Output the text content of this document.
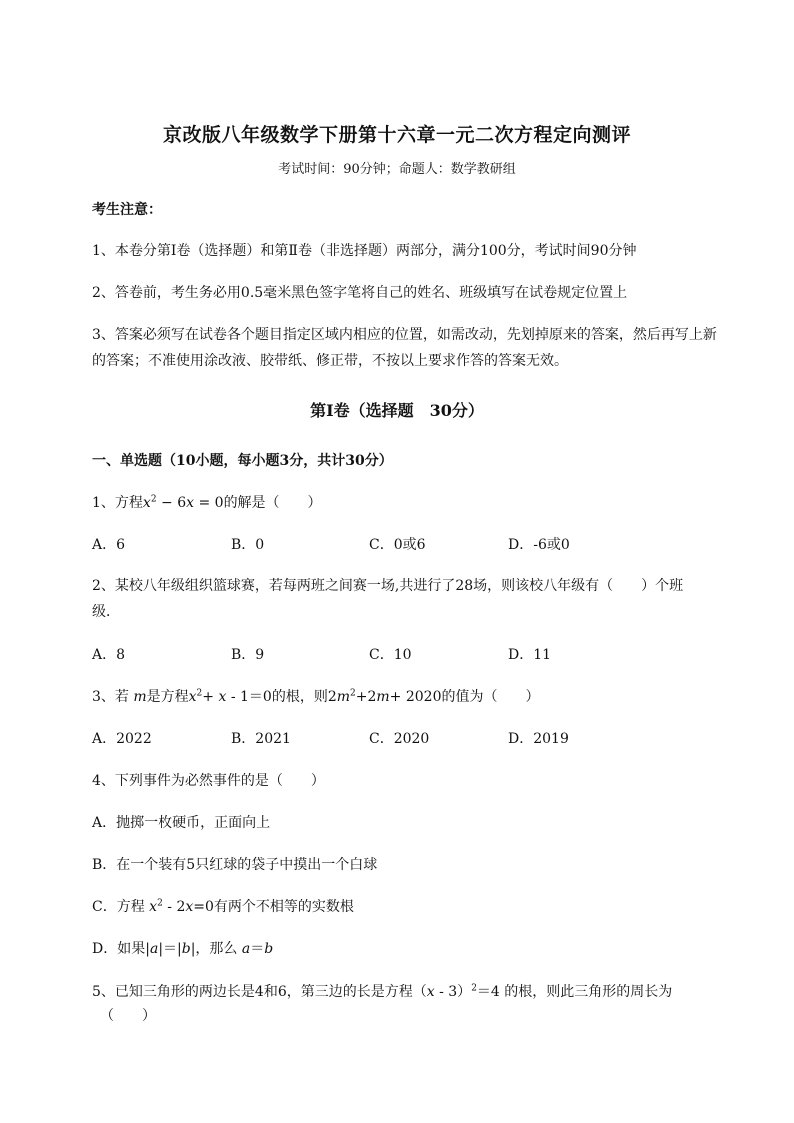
京改版八年级数学下册第十六章一元二次方程定向测评
考试时间：90分钟；命题人：数学教研组
考生注意：
1、本卷分第I卷（选择题）和第Ⅱ卷（非选择题）两部分，满分100分，考试时间90分钟
2、答卷前，考生务必用0.5毫米黑色签字笔将自己的姓名、班级填写在试卷规定位置上
3、答案必须写在试卷各个题目指定区域内相应的位置，如需改动，先划掉原来的答案，然后再写上新
的答案；不准使用涂改液、胶带纸、修正带，不按以上要求作答的答案无效。
第I卷（选择题　30分）
一、单选题（10小题，每小题3分，共计30分）
1、方程$x^2 - 6x = 0$的解是（　　）
A．6	B．0	C．0或6	D．-6或0
2、某校八年级组织篮球赛，若每两班之间赛一场,共进行了28场，则该校八年级有（　　）个班
级．
A．8	B．9	C．10	D．11
3、若 m是方程$x^2+ x - 1=0$的根，则$2m^2+2m+ 2020$的值为（　　）
A．2022	B．2021	C．2020	D．2019
4、下列事件为必然事件的是（　　）
A．抛掷一枚硬币，正面向上
B．在一个装有5只红球的袋子中摸出一个白球
C．方程 $x^2 - 2x=0$有两个不相等的实数根
D．如果|a|＝|b|，那么 a＝b
5、已知三角形的两边长是4和6，第三边的长是方程（x - 3）$^2$＝4 的根，则此三角形的周长为
（　　）
